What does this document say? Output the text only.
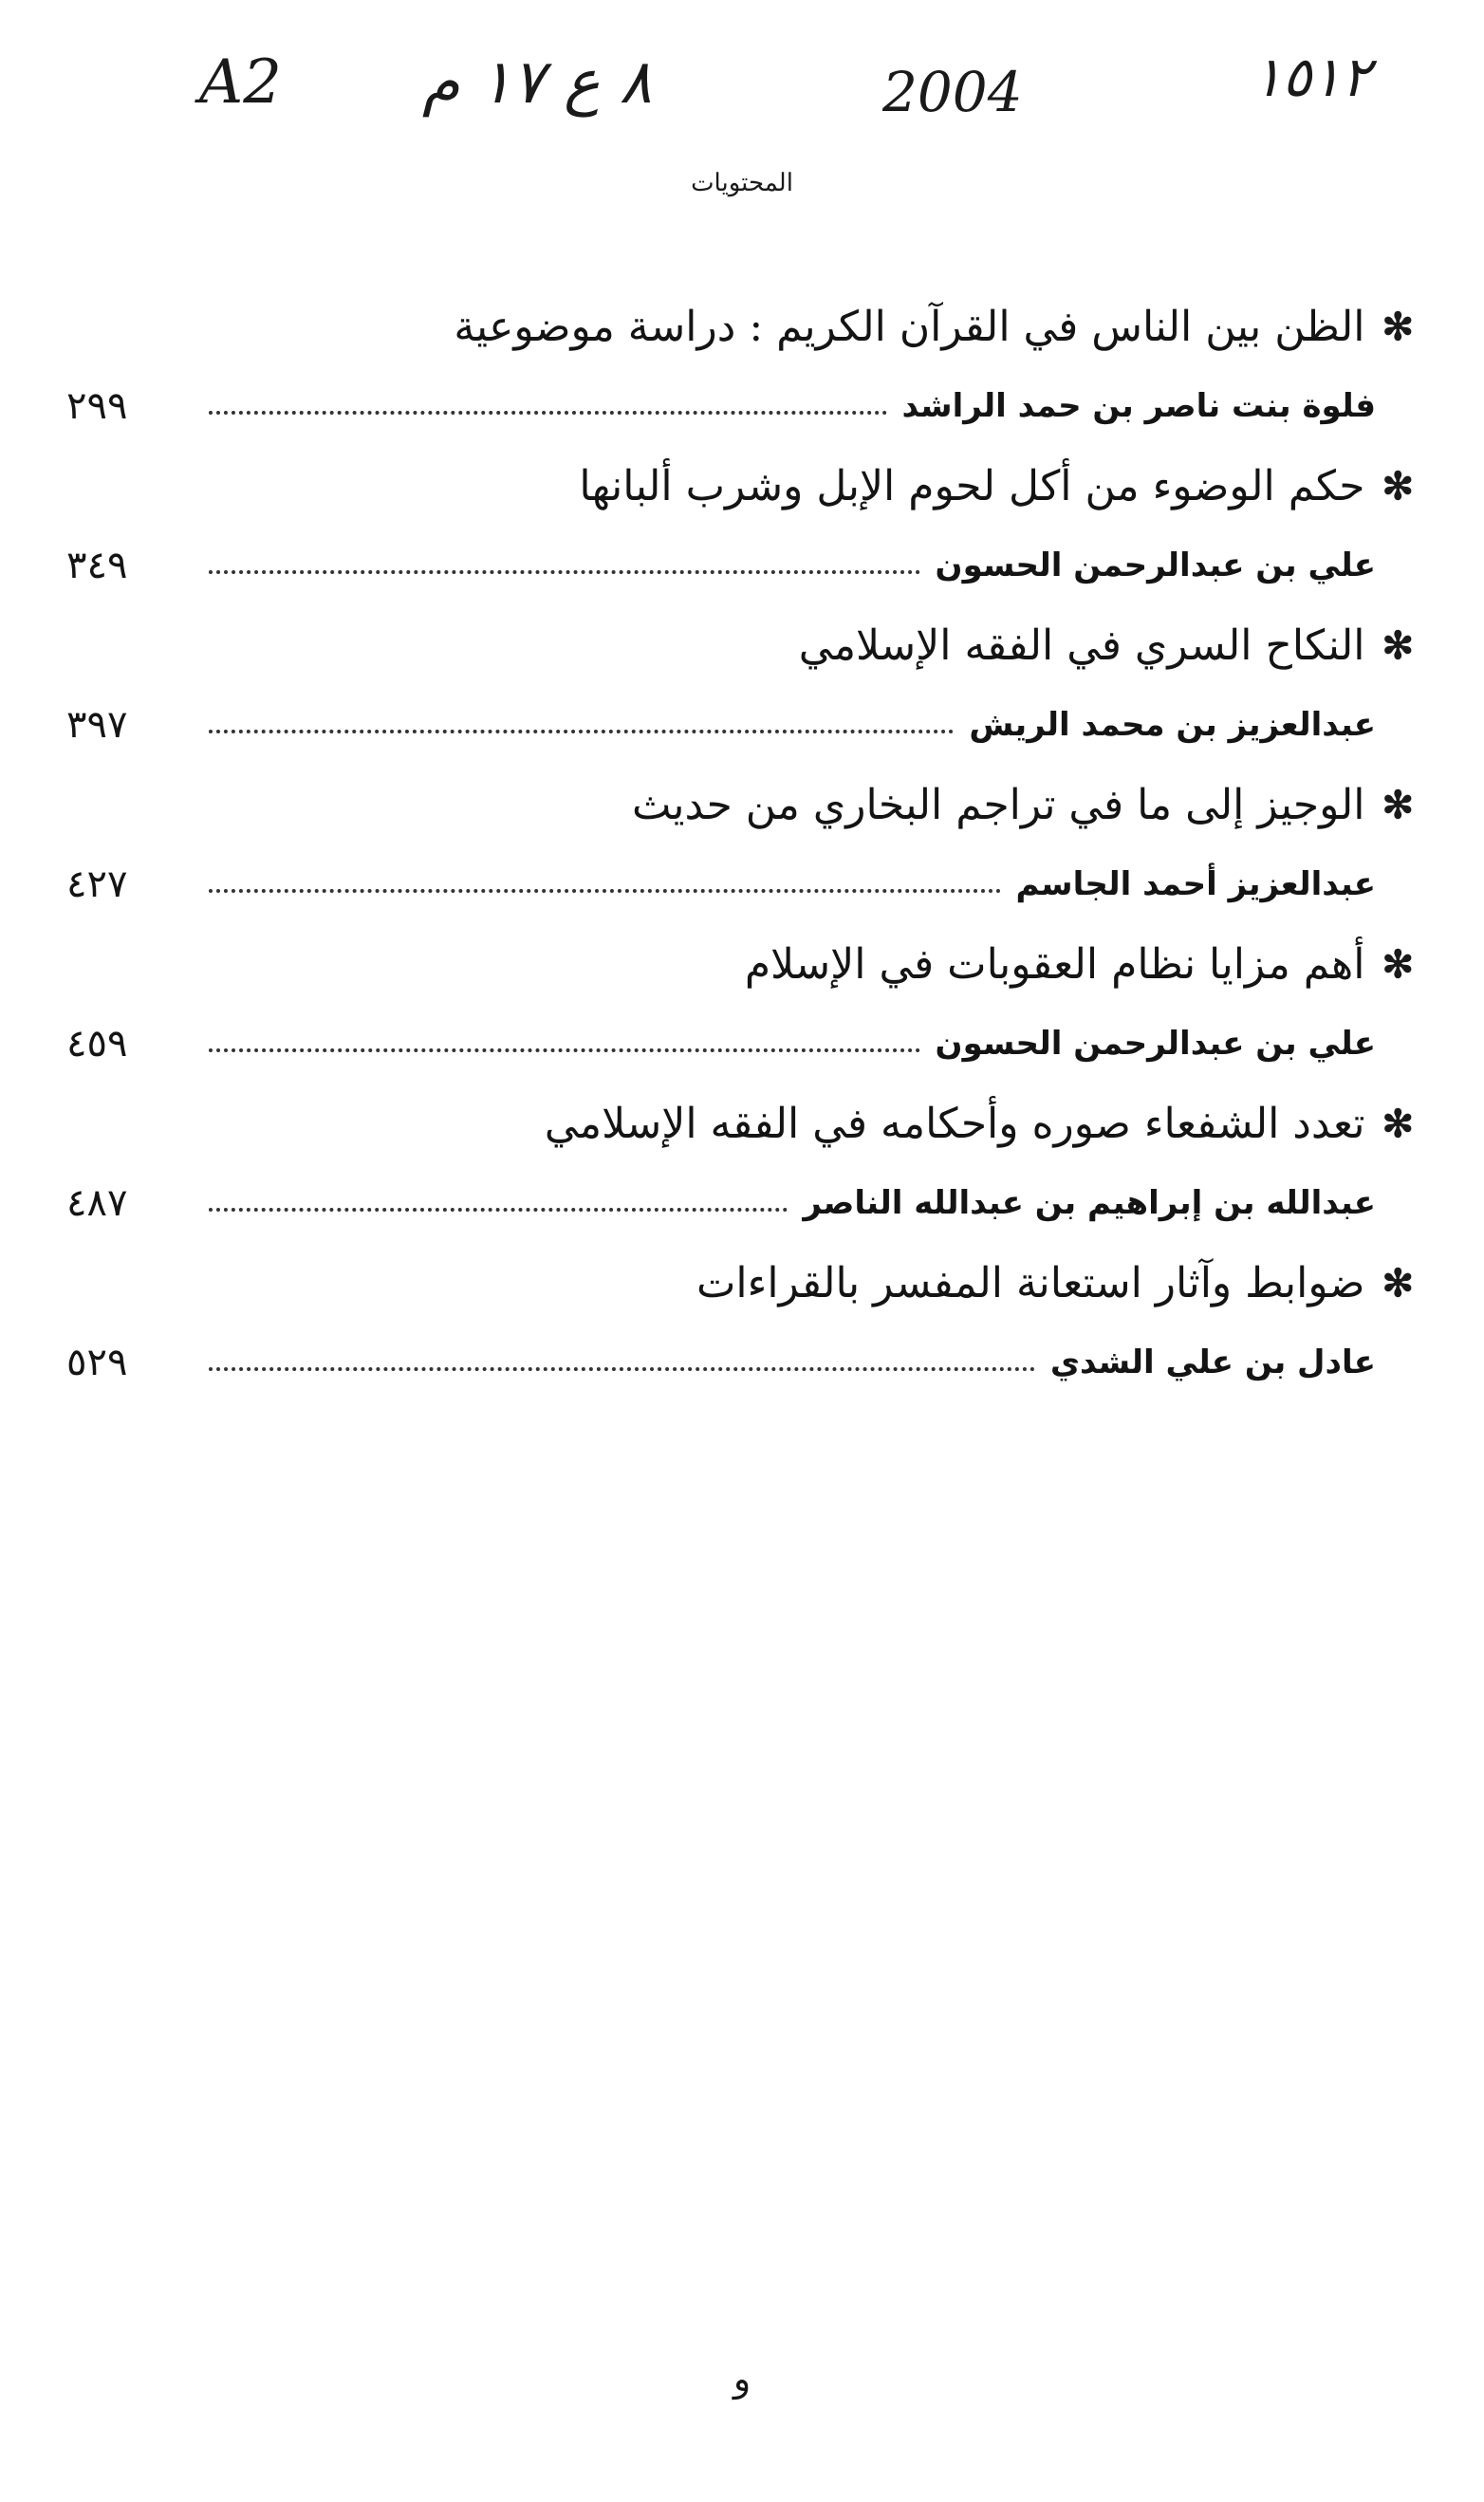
A2 ٨ ع ١٧ م	2004	١٥١٢
المحتويات
✻
الظن بين الناس في القرآن الكريم : دراسة موضوعية
فلوة بنت ناصر بن حمد الراشد
٢٩٩
✻
حكم الوضوء من أكل لحوم الإبل وشرب ألبانها
علي بن عبدالرحمن الحسون
٣٤٩
✻
النكاح السري في الفقه الإسلامي
عبدالعزيز بن محمد الريش
٣٩٧
✻
الوجيز إلى ما في تراجم البخاري من حديث
عبدالعزيز أحمد الجاسم
٤٢٧
✻
أهم مزايا نظام العقوبات في الإسلام
علي بن عبدالرحمن الحسون
٤٥٩
✻
تعدد الشفعاء صوره وأحكامه في الفقه الإسلامي
عبدالله بن إبراهيم بن عبدالله الناصر
٤٨٧
✻
ضوابط وآثار استعانة المفسر بالقراءات
عادل بن علي الشدي
٥٢٩
و
